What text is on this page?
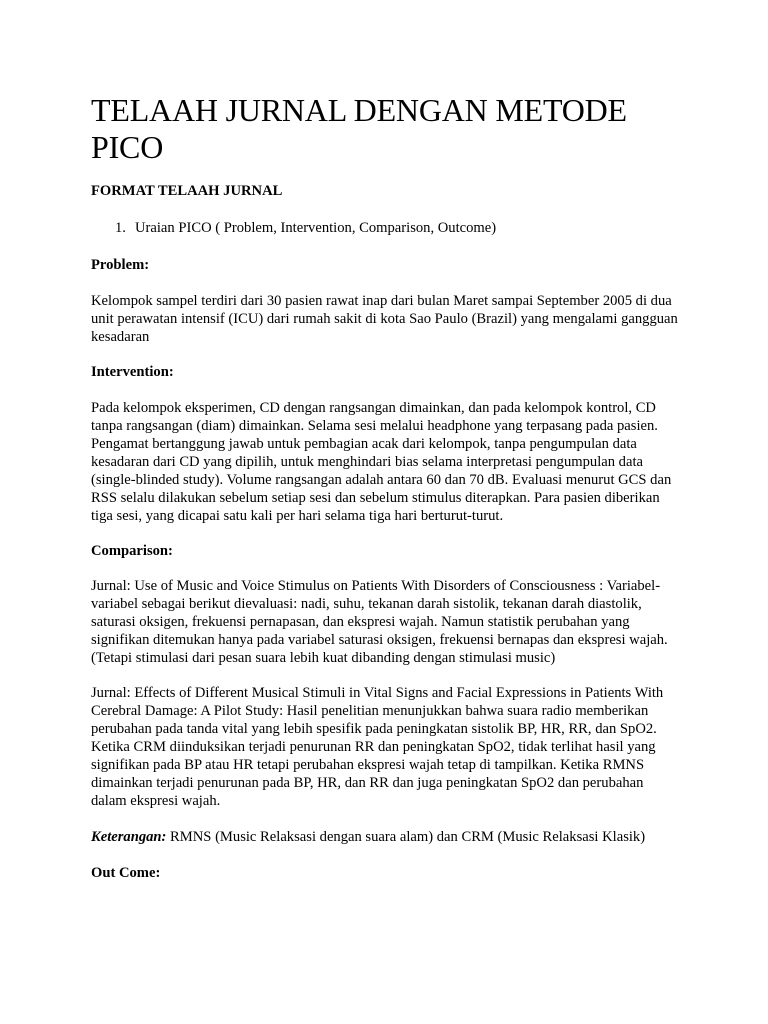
TELAAH JURNAL DENGAN METODE PICO

FORMAT TELAAH JURNAL

1. Uraian PICO ( Problem, Intervention, Comparison, Outcome)

Problem:

Kelompok sampel terdiri dari 30 pasien rawat inap dari bulan Maret sampai September 2005 di dua unit perawatan intensif (ICU) dari rumah sakit di kota Sao Paulo (Brazil) yang mengalami gangguan kesadaran

Intervention:

Pada kelompok eksperimen, CD dengan rangsangan dimainkan, dan pada kelompok kontrol, CD tanpa rangsangan (diam) dimainkan. Selama sesi melalui headphone yang terpasang pada pasien. Pengamat bertanggung jawab untuk pembagian acak dari kelompok, tanpa pengumpulan data kesadaran dari CD yang dipilih, untuk menghindari bias selama interpretasi pengumpulan data (single-blinded study). Volume rangsangan adalah antara 60 dan 70 dB. Evaluasi menurut GCS dan RSS selalu dilakukan sebelum setiap sesi dan sebelum stimulus diterapkan. Para pasien diberikan tiga sesi, yang dicapai satu kali per hari selama tiga hari berturut-turut.

Comparison:

Jurnal: Use of Music and Voice Stimulus on Patients With Disorders of Consciousness : Variabel-variabel sebagai berikut dievaluasi: nadi, suhu, tekanan darah sistolik, tekanan darah diastolik, saturasi oksigen, frekuensi pernapasan, dan ekspresi wajah. Namun statistik perubahan yang signifikan ditemukan hanya pada variabel saturasi oksigen, frekuensi bernapas dan ekspresi wajah. (Tetapi stimulasi dari pesan suara lebih kuat dibanding dengan stimulasi music)

Jurnal: Effects of Different Musical Stimuli in Vital Signs and Facial Expressions in Patients With Cerebral Damage: A Pilot Study: Hasil penelitian menunjukkan bahwa suara radio memberikan perubahan pada tanda vital yang lebih spesifik pada peningkatan sistolik BP, HR, RR, dan SpO2. Ketika CRM diinduksikan terjadi penurunan RR dan peningkatan SpO2, tidak terlihat hasil yang signifikan pada BP atau HR tetapi perubahan ekspresi wajah tetap di tampilkan. Ketika RMNS dimainkan terjadi penurunan pada BP, HR, dan RR dan juga peningkatan SpO2 dan perubahan dalam ekspresi wajah.

Keterangan: RMNS (Music Relaksasi dengan suara alam) dan CRM (Music Relaksasi Klasik)

Out Come:
